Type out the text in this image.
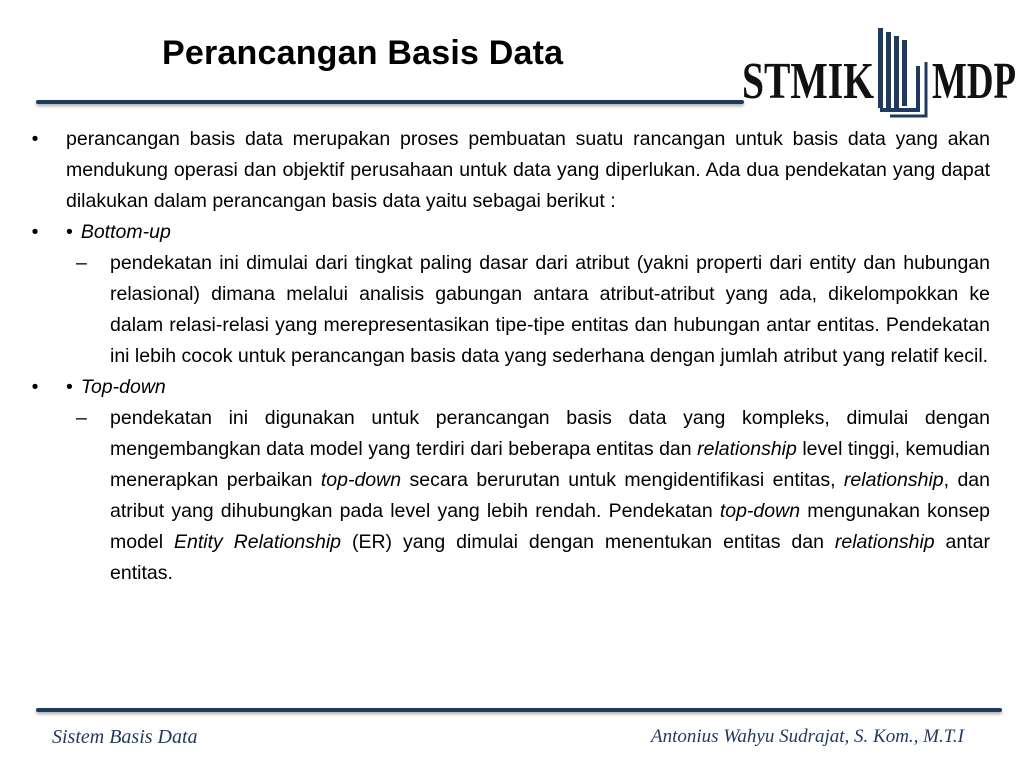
Perancangan Basis Data	STMIK MDP
• perancangan basis data merupakan proses pembuatan suatu rancangan untuk basis data yang akan mendukung operasi dan objektif perusahaan untuk data yang diperlukan. Ada dua pendekatan yang dapat dilakukan dalam perancangan basis data yaitu sebagai berikut :
• • Bottom-up
– pendekatan ini dimulai dari tingkat paling dasar dari atribut (yakni properti dari entity dan hubungan relasional) dimana melalui analisis gabungan antara atribut-atribut yang ada, dikelompokkan ke dalam relasi-relasi yang merepresentasikan tipe-tipe entitas dan hubungan antar entitas. Pendekatan ini lebih cocok untuk perancangan basis data yang sederhana dengan jumlah atribut yang relatif kecil.
• • Top-down
– pendekatan ini digunakan untuk perancangan basis data yang kompleks, dimulai dengan mengembangkan data model yang terdiri dari beberapa entitas dan relationship level tinggi, kemudian menerapkan perbaikan top-down secara berurutan untuk mengidentifikasi entitas, relationship, dan atribut yang dihubungkan pada level yang lebih rendah. Pendekatan top-down mengunakan konsep model Entity Relationship (ER) yang dimulai dengan menentukan entitas dan relationship antar entitas.
Sistem Basis Data	Antonius Wahyu Sudrajat, S. Kom., M.T.I
